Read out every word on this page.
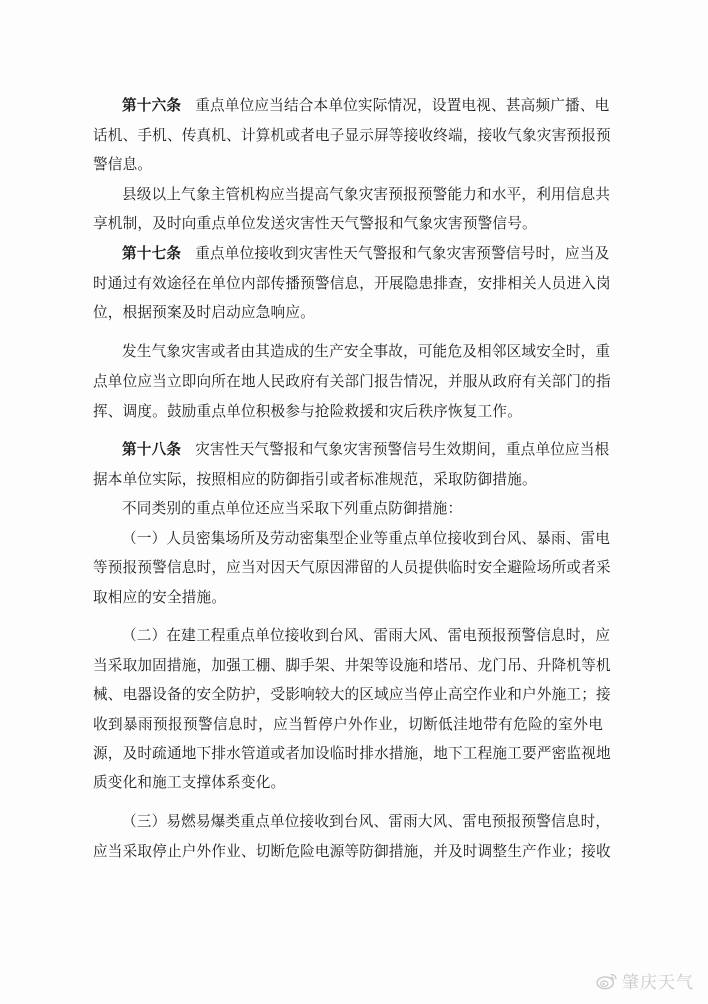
第十六条 重点单位应当结合本单位实际情况，设置电视、甚高频广播、电
话机、手机、传真机、计算机或者电子显示屏等接收终端，接收气象灾害预报预
警信息。
县级以上气象主管机构应当提高气象灾害预报预警能力和水平，利用信息共
享机制，及时向重点单位发送灾害性天气警报和气象灾害预警信号。
第十七条 重点单位接收到灾害性天气警报和气象灾害预警信号时，应当及
时通过有效途径在单位内部传播预警信息，开展隐患排查，安排相关人员进入岗
位，根据预案及时启动应急响应。
发生气象灾害或者由其造成的生产安全事故，可能危及相邻区域安全时，重
点单位应当立即向所在地人民政府有关部门报告情况，并服从政府有关部门的指
挥、调度。鼓励重点单位积极参与抢险救援和灾后秩序恢复工作。
第十八条 灾害性天气警报和气象灾害预警信号生效期间，重点单位应当根
据本单位实际，按照相应的防御指引或者标准规范，采取防御措施。
不同类别的重点单位还应当采取下列重点防御措施：
（一）人员密集场所及劳动密集型企业等重点单位接收到台风、暴雨、雷电
等预报预警信息时，应当对因天气原因滞留的人员提供临时安全避险场所或者采
取相应的安全措施。
（二）在建工程重点单位接收到台风、雷雨大风、雷电预报预警信息时，应
当采取加固措施，加强工棚、脚手架、井架等设施和塔吊、龙门吊、升降机等机
械、电器设备的安全防护，受影响较大的区域应当停止高空作业和户外施工；接
收到暴雨预报预警信息时，应当暂停户外作业，切断低洼地带有危险的室外电
源，及时疏通地下排水管道或者加设临时排水措施，地下工程施工要严密监视地
质变化和施工支撑体系变化。
（三）易燃易爆类重点单位接收到台风、雷雨大风、雷电预报预警信息时，
应当采取停止户外作业、切断危险电源等防御措施，并及时调整生产作业；接收
肇庆天气
